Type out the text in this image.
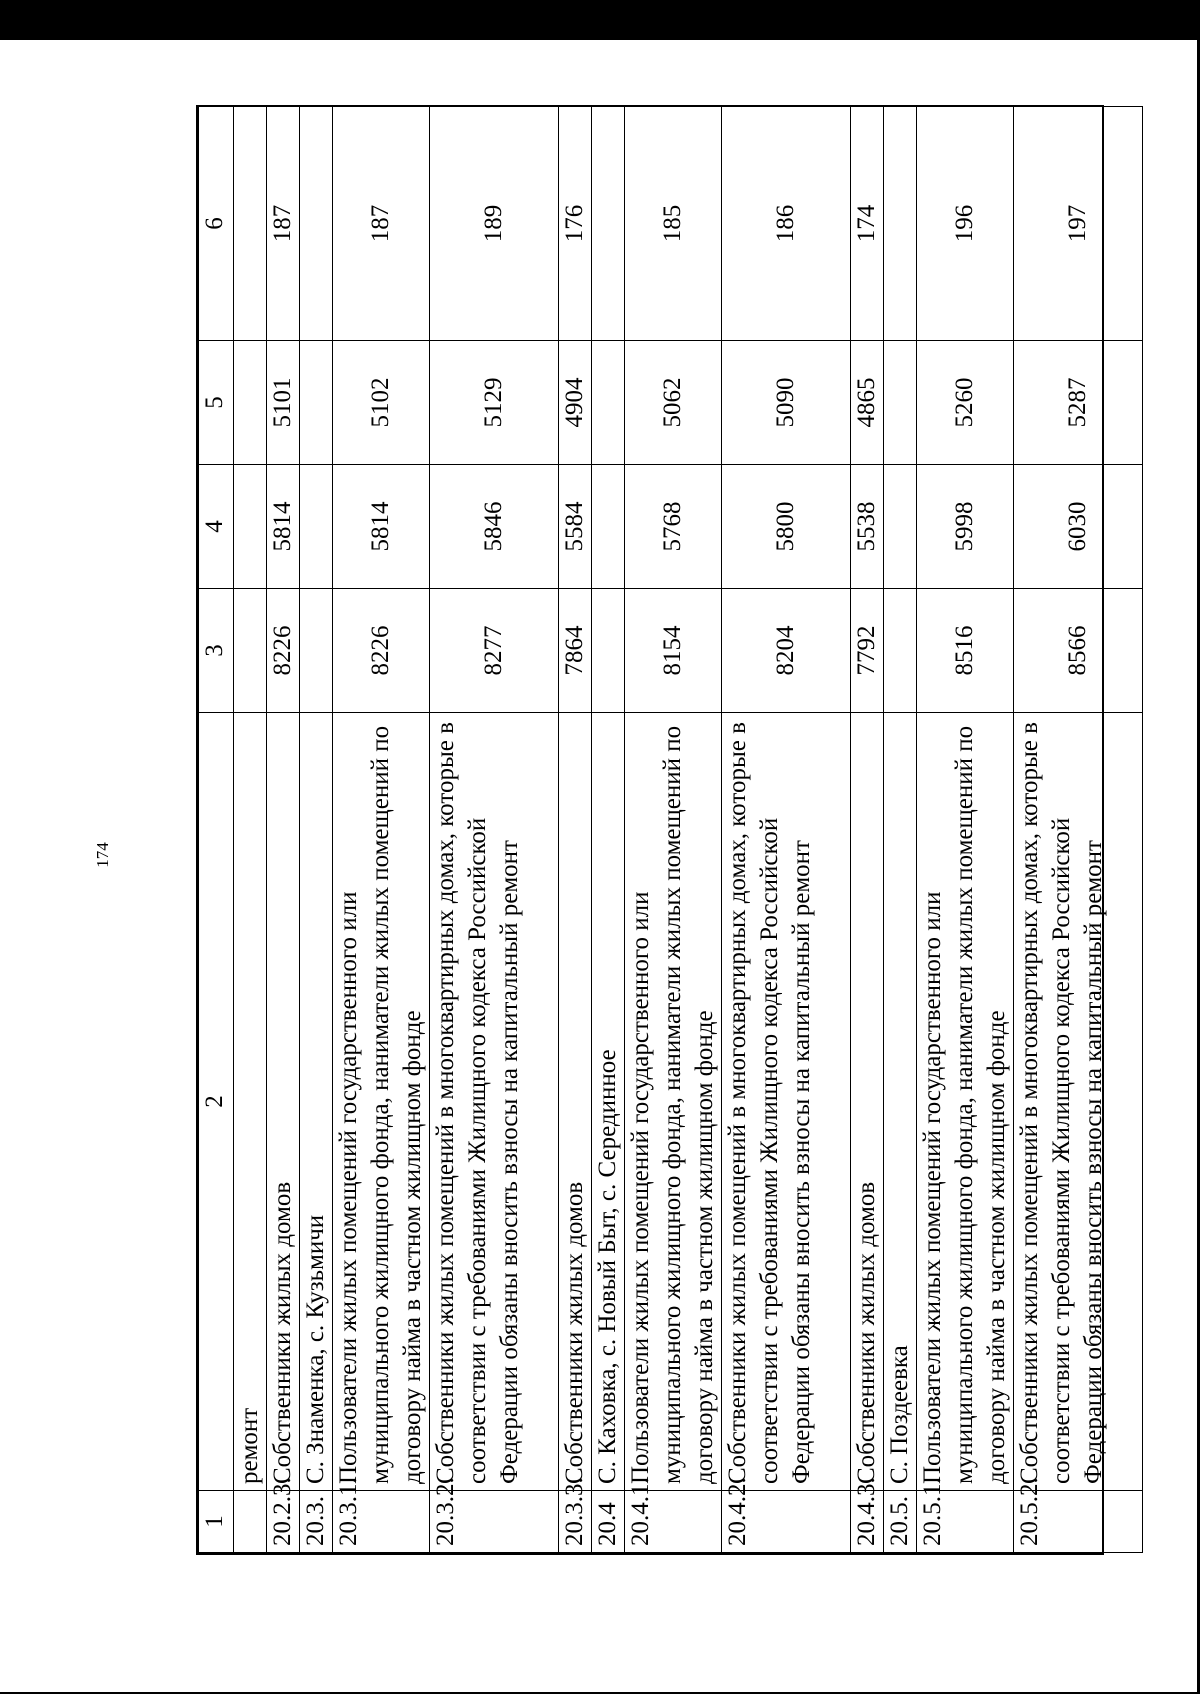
174
1	2	3	4	5	6
	ремонт				
20.2.3.	Собственники жилых домов	8226	5814	5101	187
20.3.	С. Знаменка, с. Кузьмичи				
20.3.1.	Пользователи жилых помещений государственного или муниципального жилищного фонда, наниматели жилых помещений по договору найма в частном жилищном фонде	8226	5814	5102	187
20.3.2.	Собственники жилых помещений в многоквартирных домах, которые в соответствии с требованиями Жилищного кодекса Российской Федерации обязаны вносить взносы на капитальный ремонт	8277	5846	5129	189
20.3.3.	Собственники жилых домов	7864	5584	4904	176
20.4	С. Каховка, с. Новый Быт, с. Серединное				
20.4.1.	Пользователи жилых помещений государственного или муниципального жилищного фонда, наниматели жилых помещений по договору найма в частном жилищном фонде	8154	5768	5062	185
20.4.2.	Собственники жилых помещений в многоквартирных домах, которые в соответствии с требованиями Жилищного кодекса Российской Федерации обязаны вносить взносы на капитальный ремонт	8204	5800	5090	186
20.4.3.	Собственники жилых домов	7792	5538	4865	174
20.5.	С. Поздеевка				
20.5.1.	Пользователи жилых помещений государственного или муниципального жилищного фонда, наниматели жилых помещений по договору найма в частном жилищном фонде	8516	5998	5260	196
20.5.2.	Собственники жилых помещений в многоквартирных домах, которые в соответствии с требованиями Жилищного кодекса Российской Федерации обязаны вносить взносы на капитальный ремонт	8566	6030	5287	197
